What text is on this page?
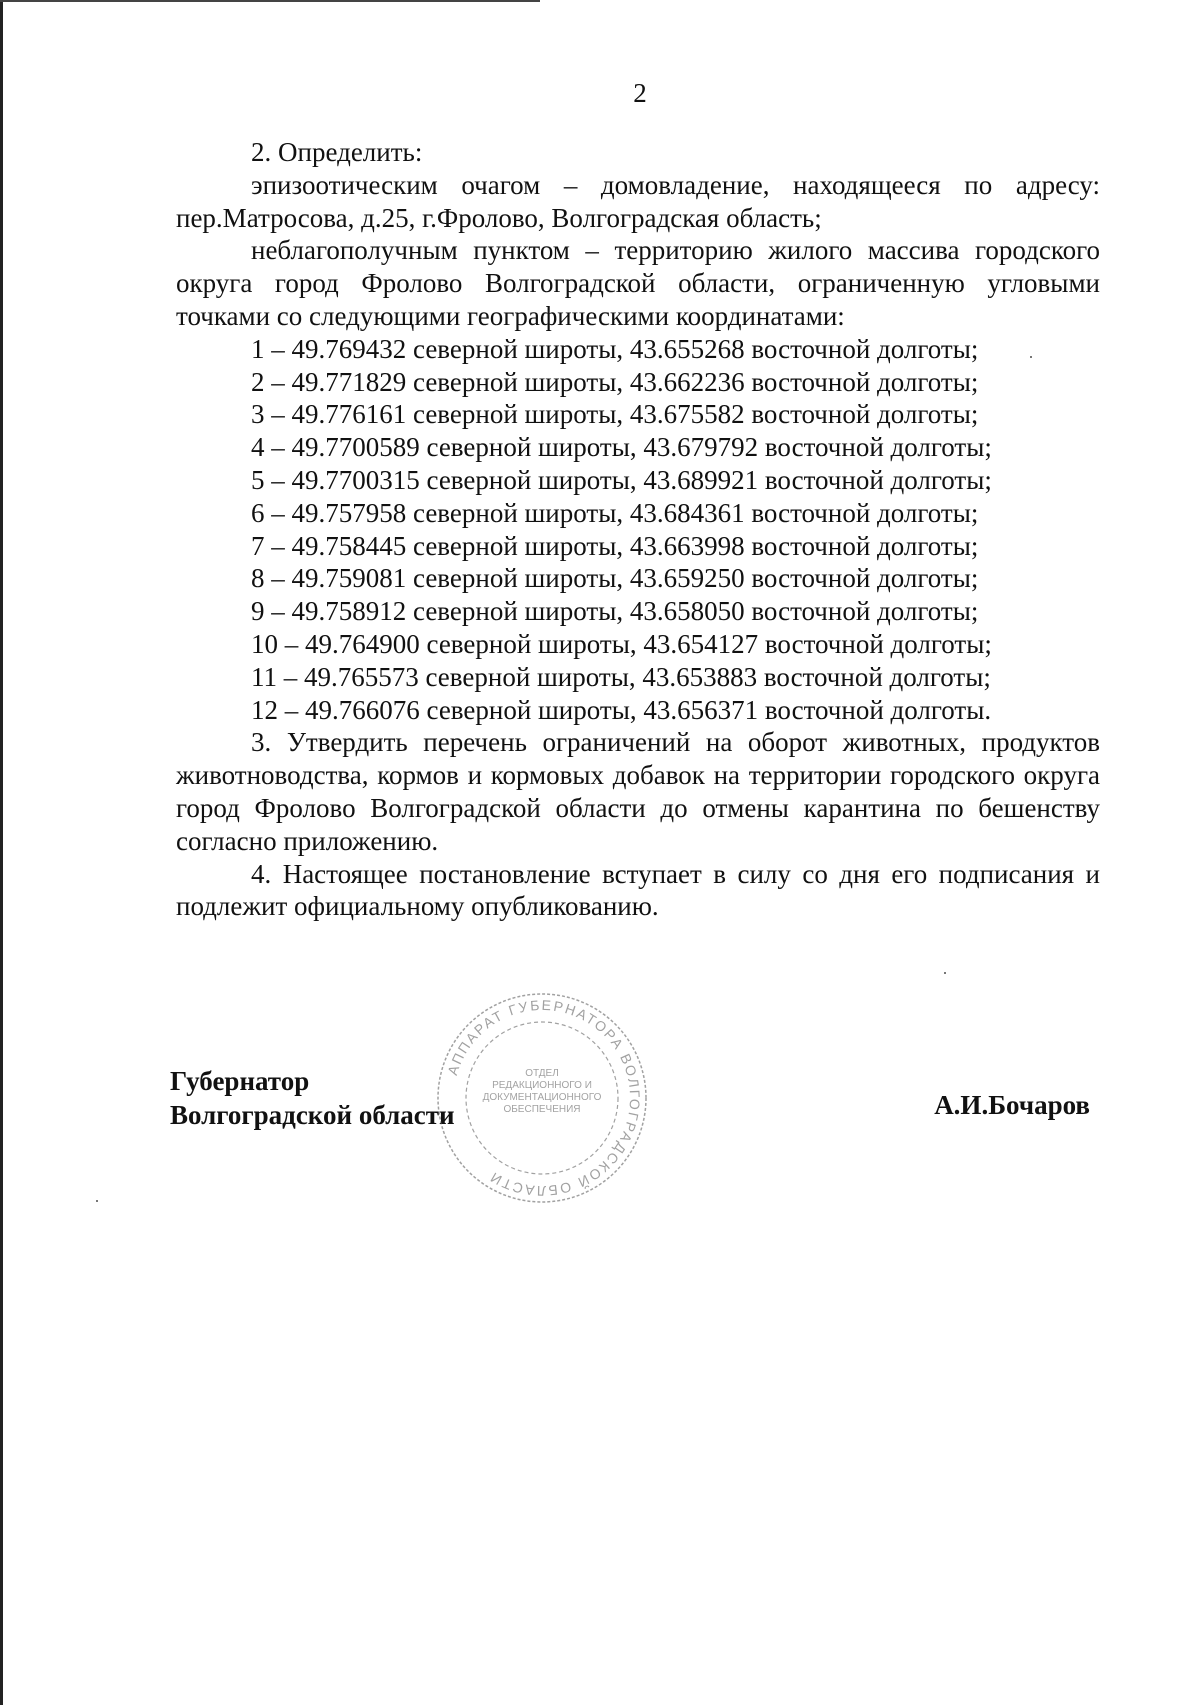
2

2. Определить:

эпизоотическим очагом – домовладение, находящееся по адресу: пер.Матросова, д.25, г.Фролово, Волгоградская область;

неблагополучным пунктом – территорию жилого массива городского округа город Фролово Волгоградской области, ограниченную угловыми точками со следующими географическими координатами:

1 – 49.769432 северной широты, 43.655268 восточной долготы;
2 – 49.771829 северной широты, 43.662236 восточной долготы;
3 – 49.776161 северной широты, 43.675582 восточной долготы;
4 – 49.7700589 северной широты, 43.679792 восточной долготы;
5 – 49.7700315 северной широты, 43.689921 восточной долготы;
6 – 49.757958 северной широты, 43.684361 восточной долготы;
7 – 49.758445 северной широты, 43.663998 восточной долготы;
8 – 49.759081 северной широты, 43.659250 восточной долготы;
9 – 49.758912 северной широты, 43.658050 восточной долготы;
10 – 49.764900 северной широты, 43.654127 восточной долготы;
11 – 49.765573 северной широты, 43.653883 восточной долготы;
12 – 49.766076 северной широты, 43.656371 восточной долготы.

3. Утвердить перечень ограничений на оборот животных, продуктов животноводства, кормов и кормовых добавок на территории городского округа город Фролово Волгоградской области до отмены карантина по бешенству согласно приложению.

4. Настоящее постановление вступает в силу со дня его подписания и подлежит официальному опубликованию.

Губернатор
Волгоградской области	А.И.Бочаров
АППАРАТ ГУБЕРНАТОРА ВОЛГОГРАДСКОЙ ОБЛАСТИ
ОТДЕЛ РЕДАКЦИОННОГО И ДОКУМЕНТАЦИОННОГО ОБЕСПЕЧЕНИЯ
